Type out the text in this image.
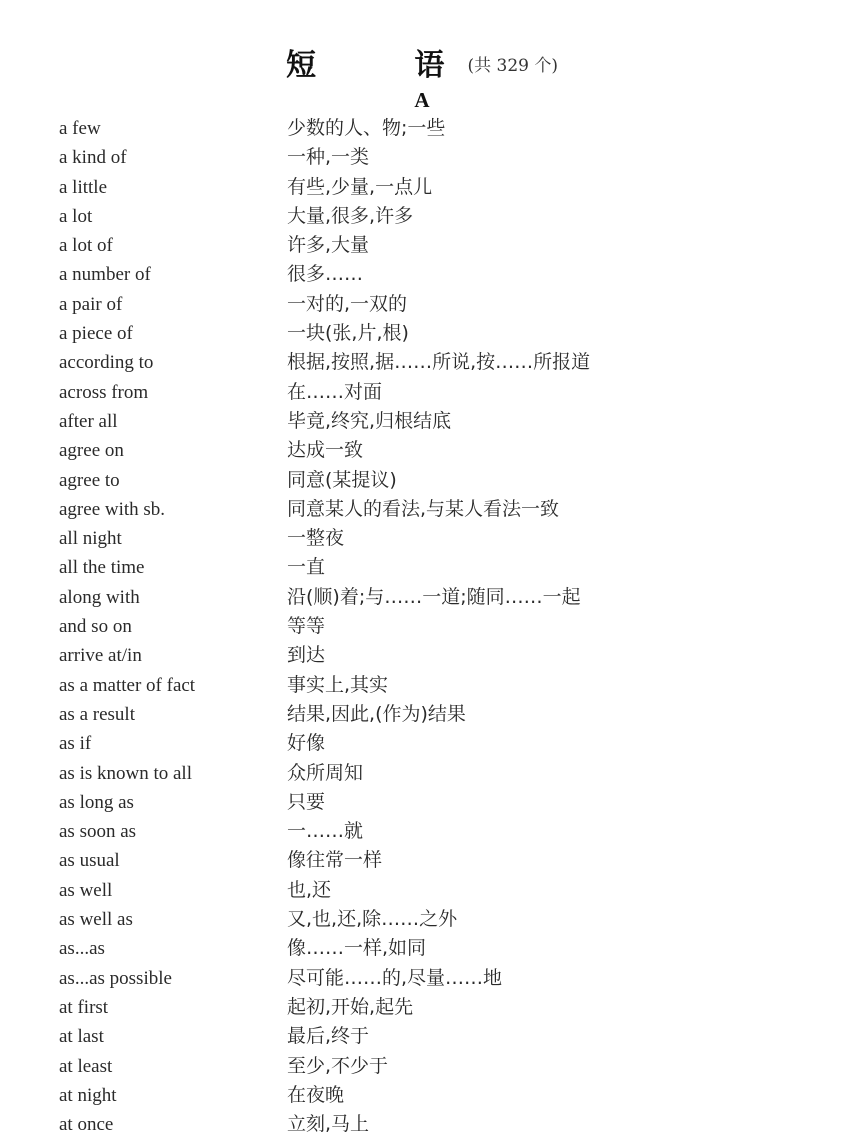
短 语 (共 329 个)
A
a few	少数的人、物;一些
a kind of	一种,一类
a little	有些,少量,一点儿
a lot	大量,很多,许多
a lot of	许多,大量
a number of	很多……
a pair of	一对的,一双的
a piece of	一块(张,片,根)
according to	根据,按照,据……所说,按……所报道
across from	在……对面
after all	毕竟,终究,归根结底
agree on	达成一致
agree to	同意(某提议)
agree with sb.	同意某人的看法,与某人看法一致
all night	一整夜
all the time	一直
along with	沿(顺)着;与……一道;随同……一起
and so on	等等
arrive at/in	到达
as a matter of fact	事实上,其实
as a result	结果,因此,(作为)结果
as if	好像
as is known to all	众所周知
as long as	只要
as soon as	一……就
as usual	像往常一样
as well	也,还
as well as	又,也,还,除……之外
as...as	像……一样,如同
as...as possible	尽可能……的,尽量……地
at first	起初,开始,起先
at last	最后,终于
at least	至少,不少于
at night	在夜晚
at once	立刻,马上
